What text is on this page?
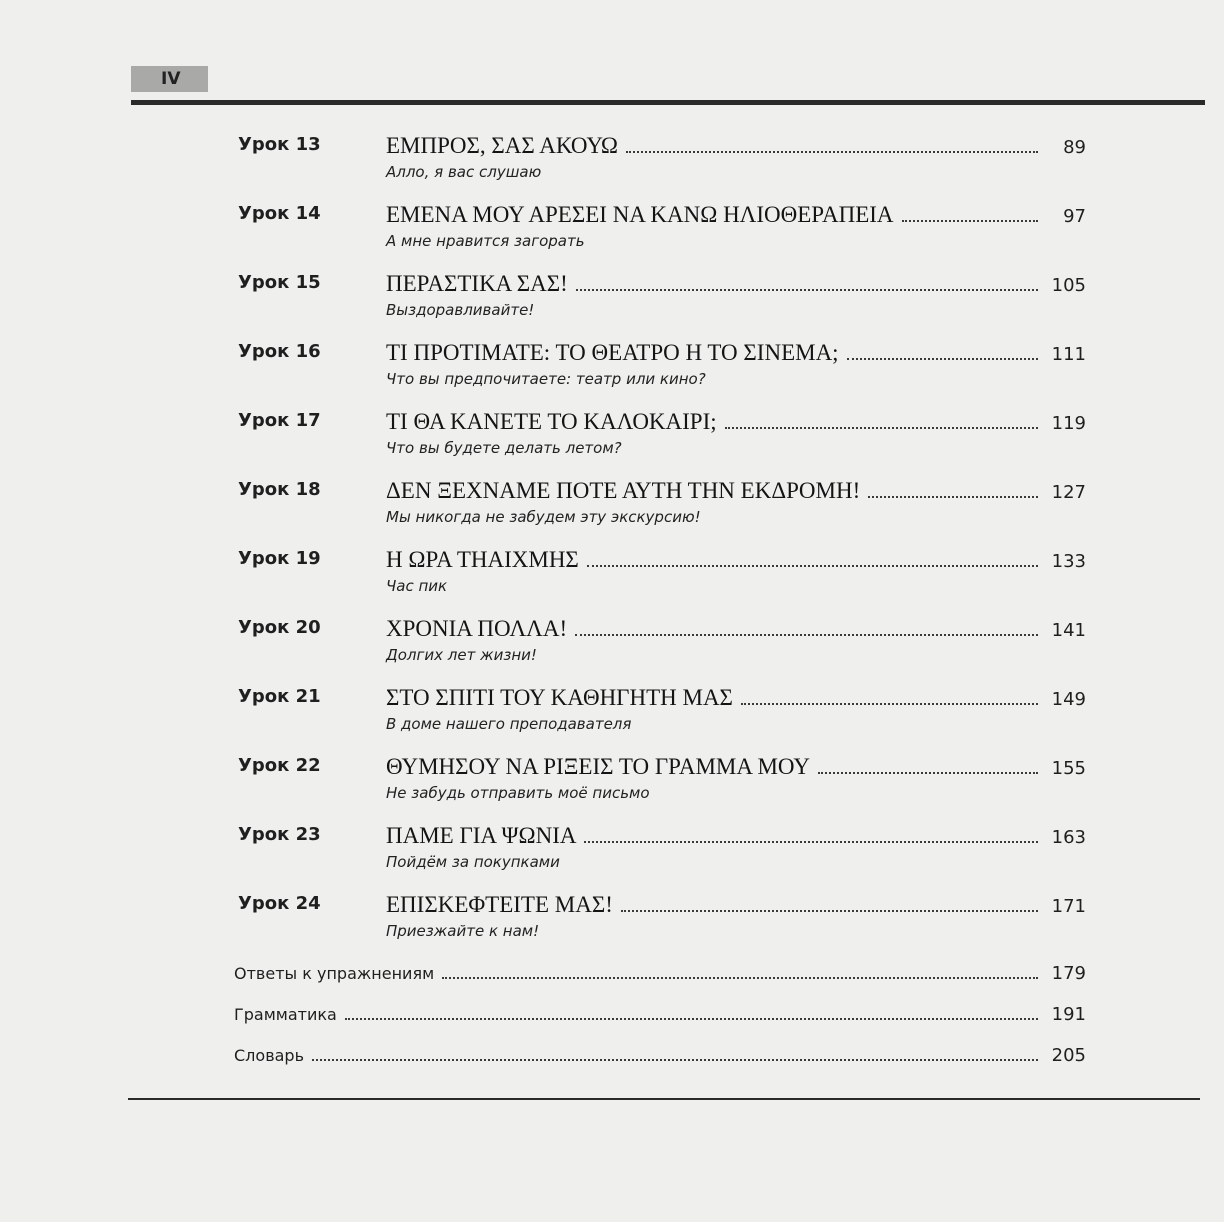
IV
Урок 13	ΕΜΠΡΟΣ, ΣΑΣ ΑΚΟΥΩ	89
Алло, я вас слушаю
Урок 14	ΕΜΕΝΑ ΜΟΥ ΑΡΕΣΕΙ ΝΑ ΚΑΝΩ ΗΛΙΟΘΕΡΑΠΕΙΑ	97
А мне нравится загорать
Урок 15	ΠΕΡΑΣΤΙΚΑ ΣΑΣ!	105
Выздоравливайте!
Урок 16	ΤΙ ΠΡΟΤΙΜΑΤΕ: ΤΟ ΘΕΑΤΡΟ Η ΤΟ ΣΙΝΕΜΑ;	111
Что вы предпочитаете: театр или кино?
Урок 17	ΤΙ ΘΑ ΚΑΝΕΤΕ ΤΟ ΚΑΛΟΚΑΙΡΙ;	119
Что вы будете делать летом?
Урок 18	ΔΕΝ ΞΕΧΝΑΜΕ ΠΟΤΕ ΑΥΤΗ ΤΗΝ ΕΚΔΡΟΜΗ!	127
Мы никогда не забудем эту экскурсию!
Урок 19	Η ΩΡΑ ΤΗΑΙΧΜΗΣ	133
Час пик
Урок 20	ΧΡΟΝΙΑ ΠΟΛΛΑ!	141
Долгих лет жизни!
Урок 21	ΣΤΟ ΣΠΙΤΙ ΤΟΥ ΚΑΘΗΓΗΤΗ ΜΑΣ	149
В доме нашего преподавателя
Урок 22	ΘΥΜΗΣΟΥ ΝΑ ΡΙΞΕΙΣ ΤΟ ΓΡΑΜΜΑ ΜΟΥ	155
Не забудь отправить моё письмо
Урок 23	ΠΑΜΕ ΓΙΑ ΨΩΝΙΑ	163
Пойдём за покупками
Урок 24	ΕΠΙΣΚΕΦΤΕΙΤΕ ΜΑΣ!	171
Приезжайте к нам!
Ответы к упражнениям	179
Грамматика	191
Словарь	205
